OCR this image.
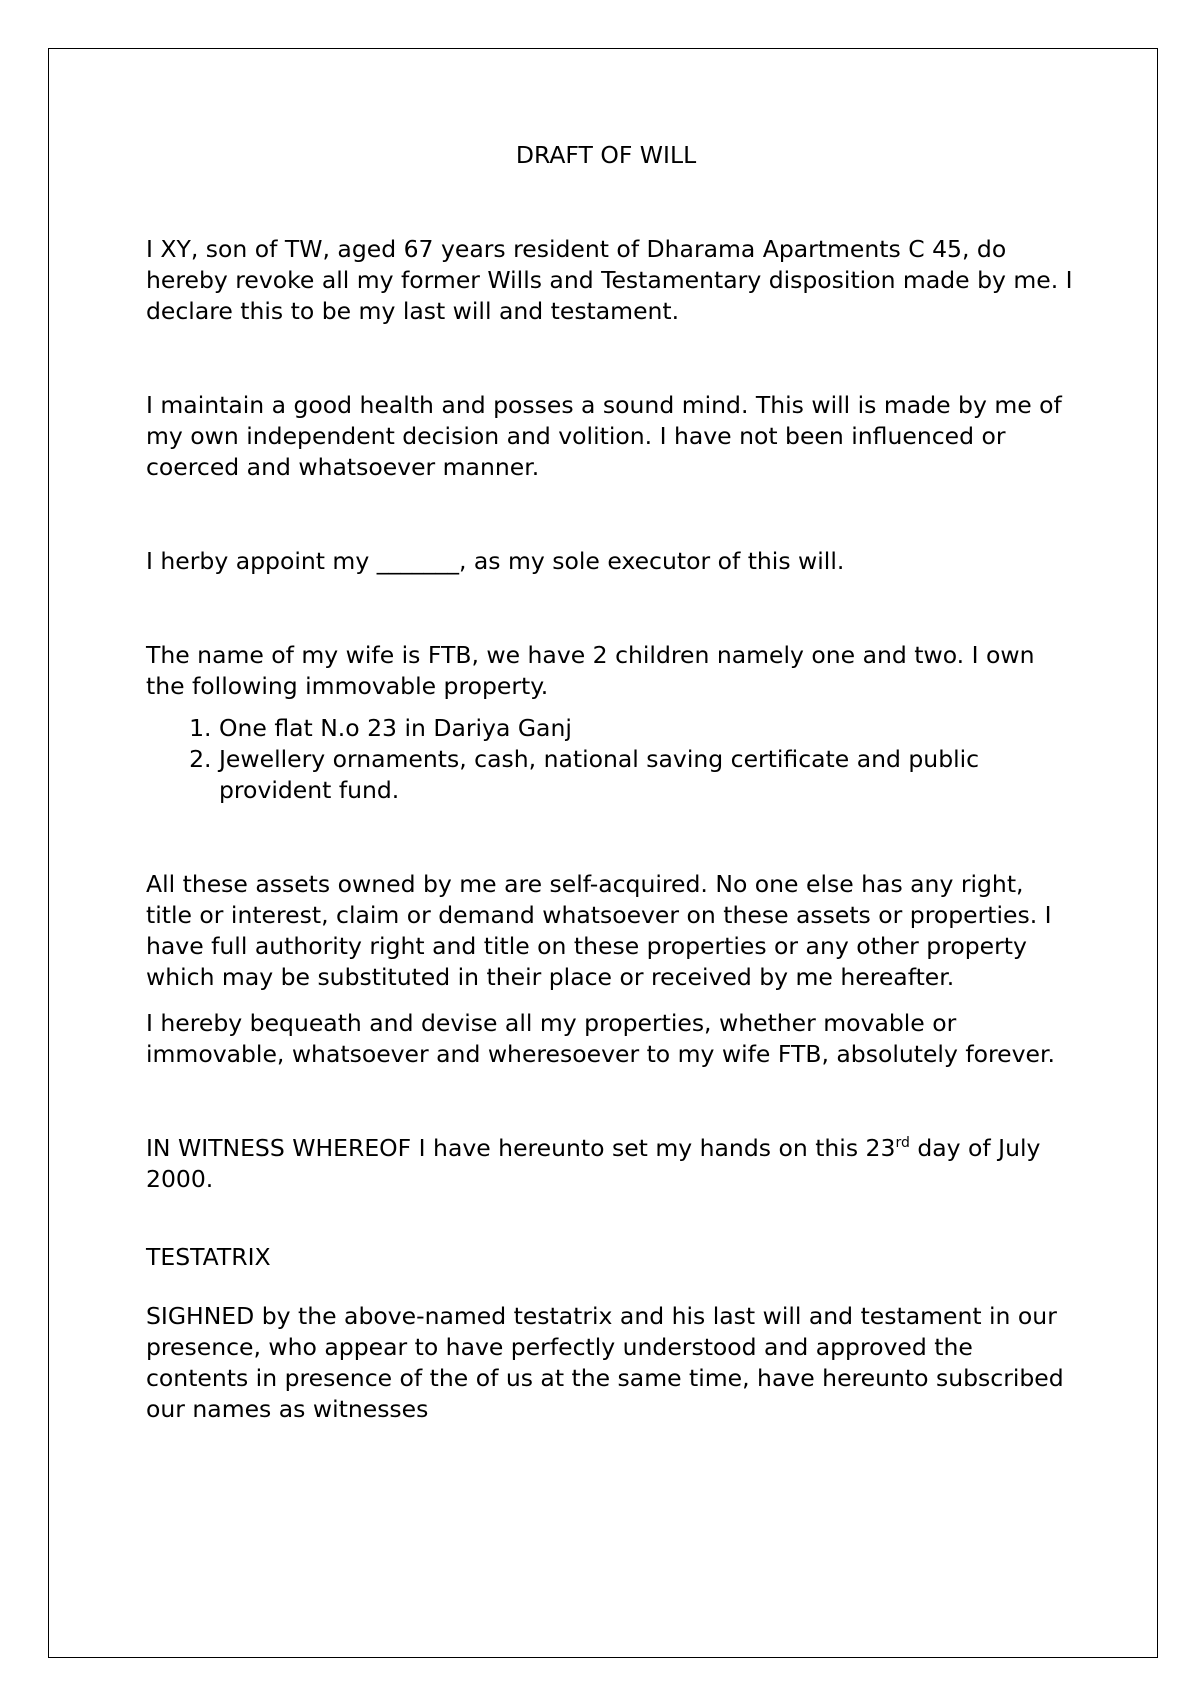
DRAFT OF WILL

I XY, son of TW, aged 67 years resident of Dharama Apartments C 45, do hereby revoke all my former Wills and Testamentary disposition made by me. I declare this to be my last will and testament.

I maintain a good health and posses a sound mind. This will is made by me of my own independent decision and volition. I have not been influenced or coerced and whatsoever manner.

I herby appoint my _______, as my sole executor of this will.

The name of my wife is FTB, we have 2 children namely one and two. I own the following immovable property.

1. One flat N.o 23 in Dariya Ganj
2. Jewellery ornaments, cash, national saving certificate and public provident fund.

All these assets owned by me are self-acquired. No one else has any right, title or interest, claim or demand whatsoever on these assets or properties. I have full authority right and title on these properties or any other property which may be substituted in their place or received by me hereafter.

I hereby bequeath and devise all my properties, whether movable or immovable, whatsoever and wheresoever to my wife FTB, absolutely forever.

IN WITNESS WHEREOF I have hereunto set my hands on this 23rd day of July 2000.

TESTATRIX

SIGHNED by the above-named testatrix and his last will and testament in our presence, who appear to have perfectly understood and approved the contents in presence of the of us at the same time, have hereunto subscribed our names as witnesses
